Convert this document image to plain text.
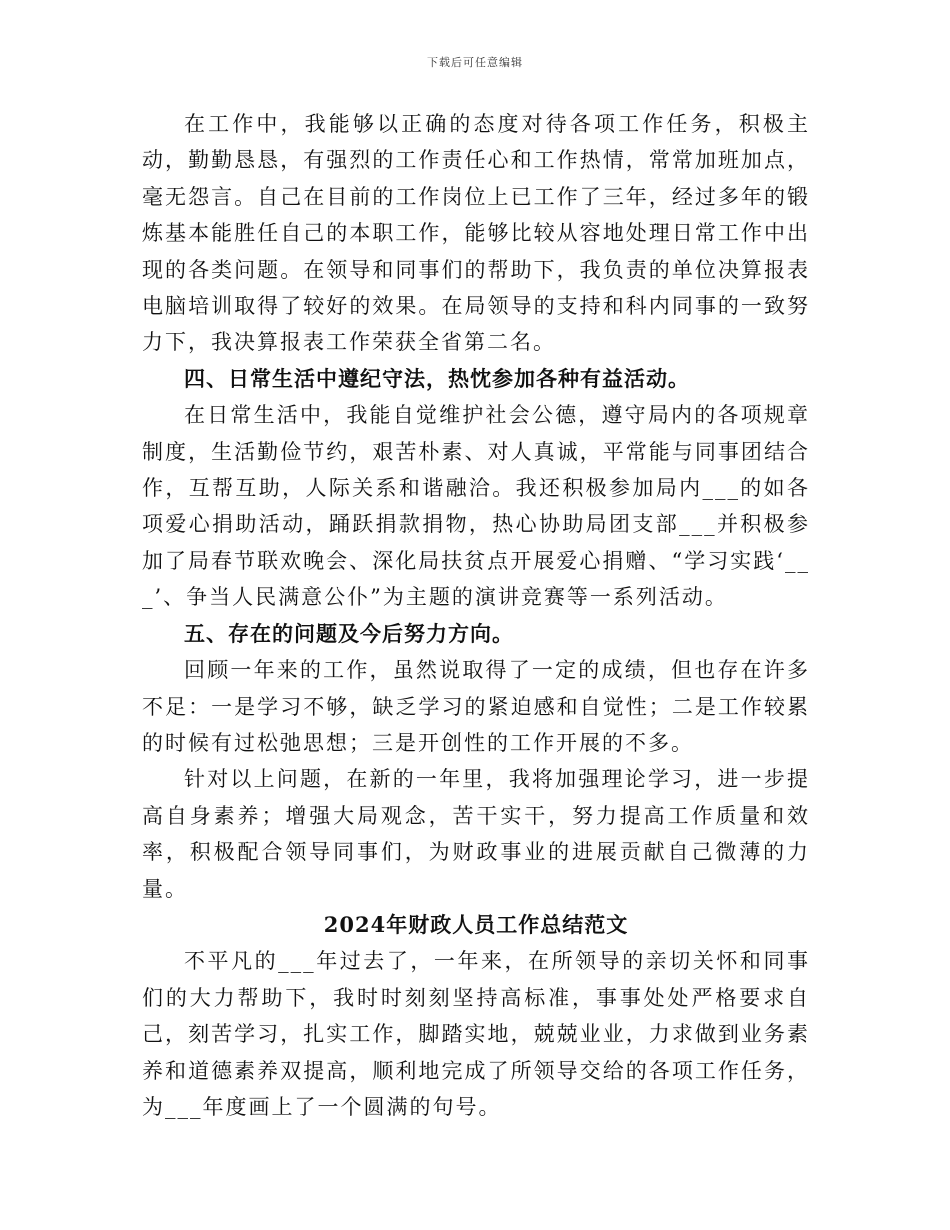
下载后可任意编辑

在工作中，我能够以正确的态度对待各项工作任务，积极主动，勤勤恳恳，有强烈的工作责任心和工作热情，常常加班加点，毫无怨言。自己在目前的工作岗位上已工作了三年，经过多年的锻炼基本能胜任自己的本职工作，能够比较从容地处理日常工作中出现的各类问题。在领导和同事们的帮助下，我负责的单位决算报表电脑培训取得了较好的效果。在局领导的支持和科内同事的一致努力下，我决算报表工作荣获全省第二名。

四、日常生活中遵纪守法，热忱参加各种有益活动。

在日常生活中，我能自觉维护社会公德，遵守局内的各项规章制度，生活勤俭节约，艰苦朴素、对人真诚，平常能与同事团结合作，互帮互助，人际关系和谐融洽。我还积极参加局内___的如各项爱心捐助活动，踊跃捐款捐物，热心协助局团支部___并积极参加了局春节联欢晚会、深化局扶贫点开展爱心捐赠、“学习实践‘___’、争当人民满意公仆”为主题的演讲竞赛等一系列活动。

五、存在的问题及今后努力方向。

回顾一年来的工作，虽然说取得了一定的成绩，但也存在许多不足：一是学习不够，缺乏学习的紧迫感和自觉性；二是工作较累的时候有过松弛思想；三是开创性的工作开展的不多。

针对以上问题，在新的一年里，我将加强理论学习，进一步提高自身素养；增强大局观念，苦干实干，努力提高工作质量和效率，积极配合领导同事们，为财政事业的进展贡献自己微薄的力量。

2024年财政人员工作总结范文

不平凡的___年过去了，一年来，在所领导的亲切关怀和同事们的大力帮助下，我时时刻刻坚持高标准，事事处处严格要求自己，刻苦学习，扎实工作，脚踏实地，兢兢业业，力求做到业务素养和道德素养双提高，顺利地完成了所领导交给的各项工作任务，为___年度画上了一个圆满的句号。
